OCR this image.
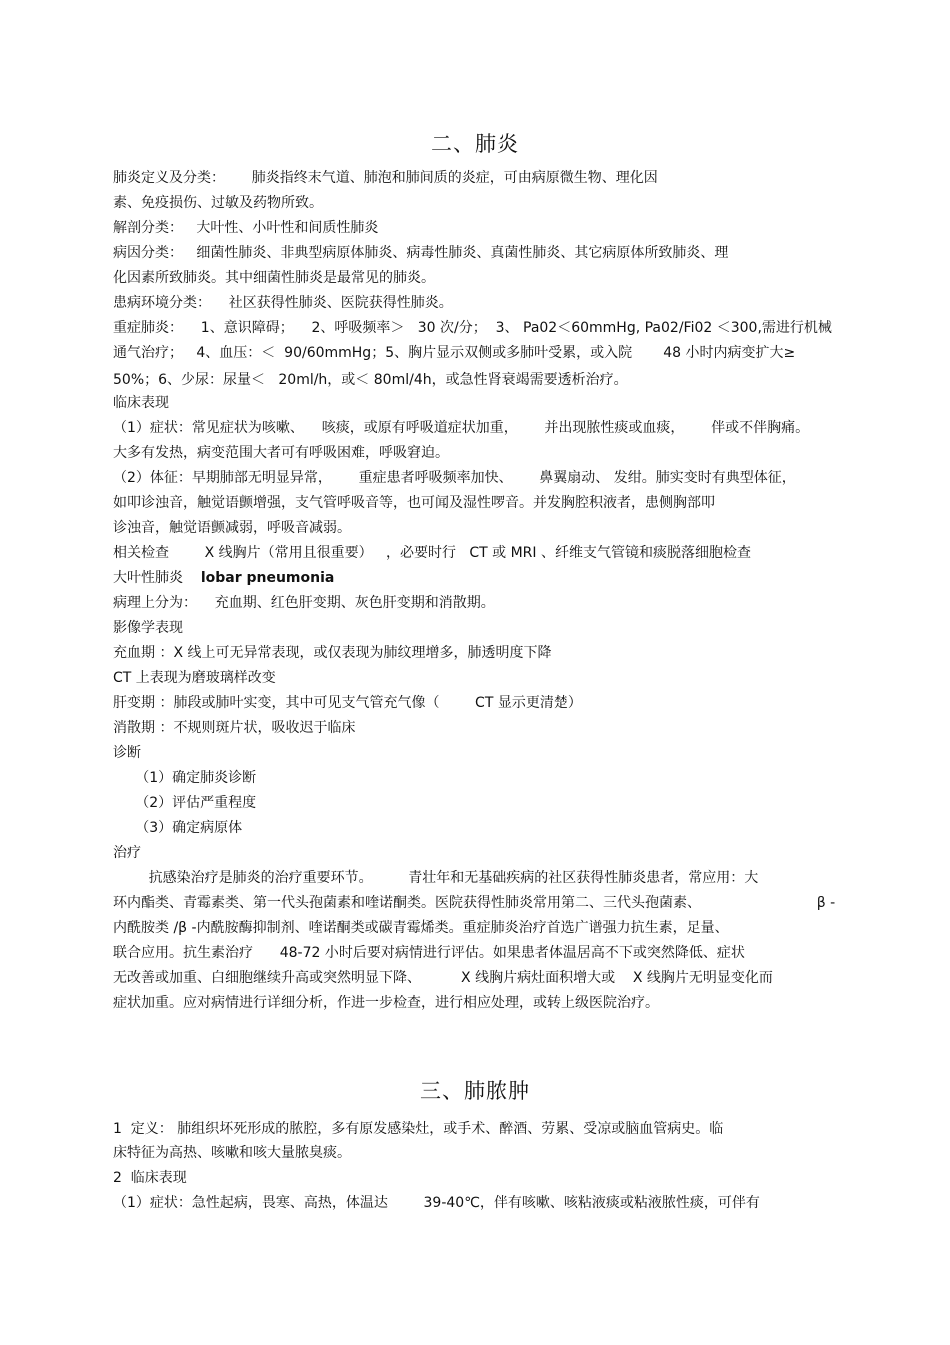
二、肺炎
肺炎定义及分类：      肺炎指终末气道、肺泡和肺间质的炎症，可由病原微生物、理化因
素、免疫损伤、过敏及药物所致。
解剖分类：   大叶性、小叶性和间质性肺炎
病因分类：   细菌性肺炎、非典型病原体肺炎、病毒性肺炎、真菌性肺炎、其它病原体所致肺炎、理
化因素所致肺炎。其中细菌性肺炎是最常见的肺炎。
患病环境分类：    社区获得性肺炎、医院获得性肺炎。
重症肺炎：    1、意识障碍；    2、呼吸频率＞   30 次/分；  3、 Pa02＜60mmHg, Pa02/Fi02 ＜300,需进行机械
通气治疗；   4、血压：＜  90/60mmHg；5、胸片显示双侧或多肺叶受累，或入院       48 小时内病变扩大≥
50%；6、少尿：尿量＜   20ml/h，或＜ 80ml/4h，或急性肾衰竭需要透析治疗。
临床表现
（1）症状：常见症状为咳嗽、    咳痰，或原有呼吸道症状加重，      并出现脓性痰或血痰，      伴或不伴胸痛。
大多有发热，病变范围大者可有呼吸困难，呼吸窘迫。
（2）体征：早期肺部无明显异常，      重症患者呼吸频率加快、      鼻翼扇动、 发绀。肺实变时有典型体征，
如叩诊浊音，触觉语颤增强，支气管呼吸音等，也可闻及湿性啰音。并发胸腔积液者，患侧胸部叩
诊浊音，触觉语颤减弱，呼吸音减弱。
相关检查        X 线胸片（常用且很重要）   ，必要时行   CT 或 MRI 、纤维支气管镜和痰脱落细胞检查
大叶性肺炎 lobar pneumonia
病理上分为：    充血期、红色肝变期、灰色肝变期和消散期。
影像学表现
充血期 ：X 线上可无异常表现，或仅表现为肺纹理增多，肺透明度下降
CT 上表现为磨玻璃样改变
肝变期 ：肺段或肺叶实变，其中可见支气管充气像（        CT 显示更清楚）
消散期 ：不规则斑片状，吸收迟于临床
诊断
（1）确定肺炎诊断
（2）评估严重程度
（3）确定病原体
治疗
抗感染治疗是肺炎的治疗重要环节。        青壮年和无基础疾病的社区获得性肺炎患者，常应用：大
环内酯类、青霉素类、第一代头孢菌素和喹诺酮类。医院获得性肺炎常用第二、三代头孢菌素、                          β -
内酰胺类 /β -内酰胺酶抑制剂、喹诺酮类或碳青霉烯类。重症肺炎治疗首选广谱强力抗生素，足量、
联合应用。抗生素治疗      48-72 小时后要对病情进行评估。如果患者体温居高不下或突然降低、症状
无改善或加重、白细胞继续升高或突然明显下降、         X 线胸片病灶面积增大或    X 线胸片无明显变化而
症状加重。应对病情进行详细分析，作进一步检查，进行相应处理，或转上级医院治疗。
三、肺脓肿
1  定义： 肺组织坏死形成的脓腔，多有原发感染灶，或手术、醉酒、劳累、受凉或脑血管病史。临
床特征为高热、咳嗽和咳大量脓臭痰。
2  临床表现
（1）症状：急性起病，畏寒、高热，体温达        39-40℃，伴有咳嗽、咳粘液痰或粘液脓性痰，可伴有
